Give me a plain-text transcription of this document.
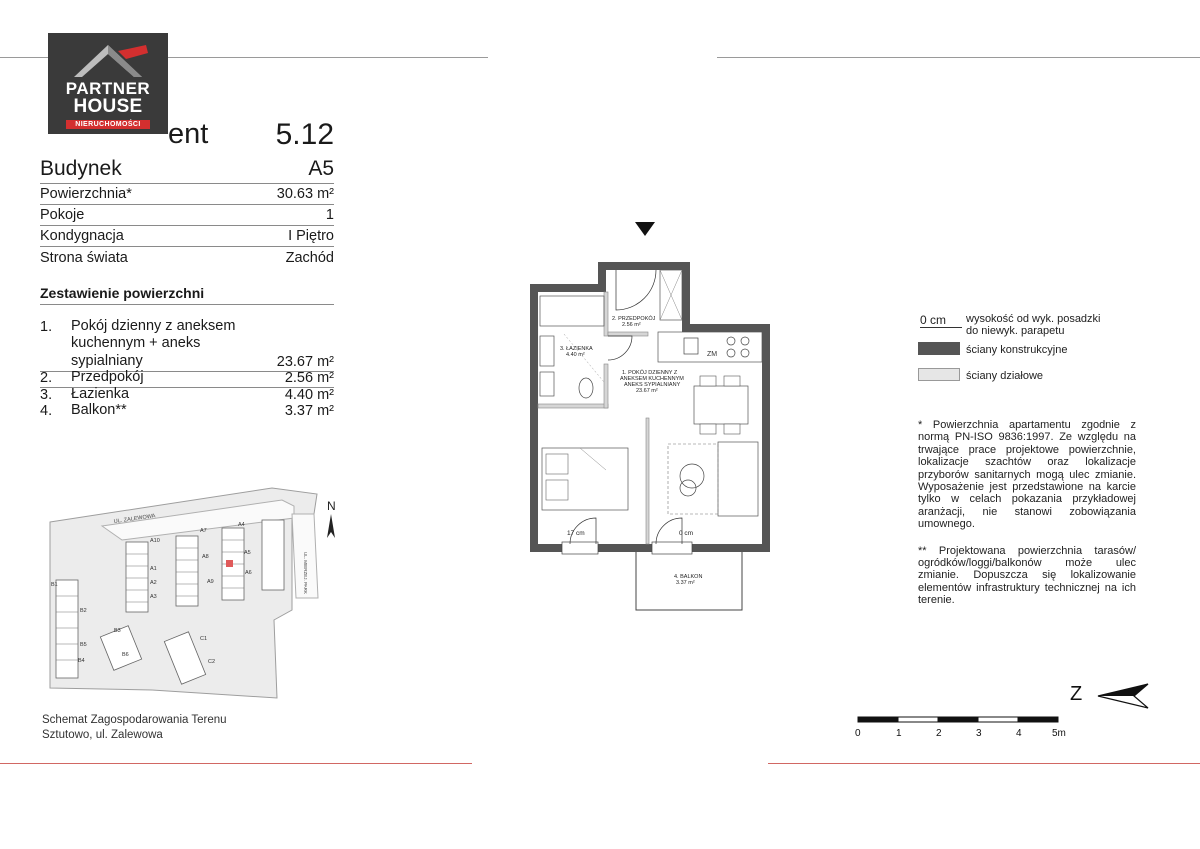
ent 5.12
Budynek	A5
Powierzchnia*	30.63 m²
Pokoje	1
Kondygnacja	I Piętro
Strona świata	Zachód
Zestawienie powierzchni
1. Pokój dzienny z aneksem kuchennym + aneks sypialniany	23.67 m²
2. Przedpokój	2.56 m²
3. Łazienka	4.40 m²
4. Balkon**	3.37 m²
PARTNER
HOUSE
NIERUCHOMOŚCI
UL. ZALEWOWA
UL. MIERZEJ. PARK
A10
A1
A2
A3
A7
A8
A9
A4
A5
A6
B1
B2
B3
B4
B5
B6
C1
C2
N
Schemat Zagospodarowania Terenu
Sztutowo, ul. Zalewowa
ZM
2. PRZEDPOKÓJ
2.56 m²
3. ŁAZIENKA
4.40 m²
1. POKÓJ DZIENNY Z
ANEKSEM KUCHENNYM
ANEKS SYPIALNIANY
23.67 m²
4. BALKON
3.37 m²
17 cm	0 cm
0 cm	wysokość od wyk. posadzki
do niewyk. parapetu
ściany konstrukcyjne
ściany działowe

* Powierzchnia apartamentu zgodnie z normą PN-ISO 9836:1997. Ze względu na trwające prace projektowe powierzchnie, lokalizacje szachtów oraz lokalizacje przyborów sanitarnych mogą ulec zmianie. Wyposażenie jest przedstawione na karcie tylko w celach pokazania przykładowej aranżacji, nie stanowi zobowiązania umownego.

** Projektowana powierzchnia tarasów/ ogródków/loggi/balkonów może ulec zmianie. Dopuszcza się lokalizowanie elementów infrastruktury technicznej na ich terenie.

Z
0	1	2	3	4	5m
